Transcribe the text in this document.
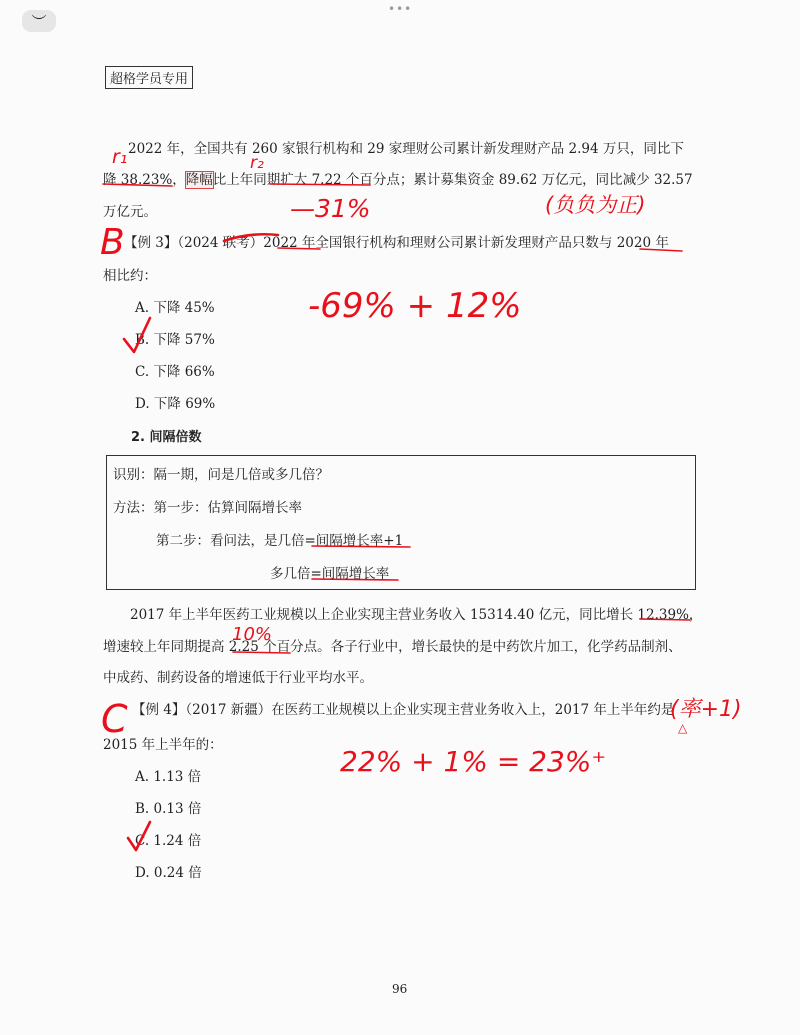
︶
•••
超格学员专用
2022 年，全国共有 260 家银行机构和 29 家理财公司累计新发理财产品 2.94 万只，同比下
降 38.23%，降幅比上年同期扩大 7.22 个百分点；累计募集资金 89.62 万亿元，同比减少 32.57
万亿元。
【例 3】（2024 联考）2022 年全国银行机构和理财公司累计新发理财产品只数与 2020 年
相比约：
A. 下降 45%
B. 下降 57%
C. 下降 66%
D. 下降 69%
2. 间隔倍数
识别：隔一期，问是几倍或多几倍？
方法：第一步：估算间隔增长率
第二步：看问法，是几倍=间隔增长率+1
多几倍=间隔增长率
2017 年上半年医药工业规模以上企业实现主营业务收入 15314.40 亿元，同比增长 12.39%，
增速较上年同期提高 2.25 个百分点。各子行业中，增长最快的是中药饮片加工，化学药品制剂、
中成药、制药设备的增速低于行业平均水平。
【例 4】（2017 新疆）在医药工业规模以上企业实现主营业务收入上，2017 年上半年约是
2015 年上半年的：
A. 1.13 倍
B. 0.13 倍
C. 1.24 倍
D. 0.24 倍
96
r₁	r₂
—31%	(负负为正)
B
-69% + 12%
10%
C	(率+1)
△
22% + 1% = 23%⁺
